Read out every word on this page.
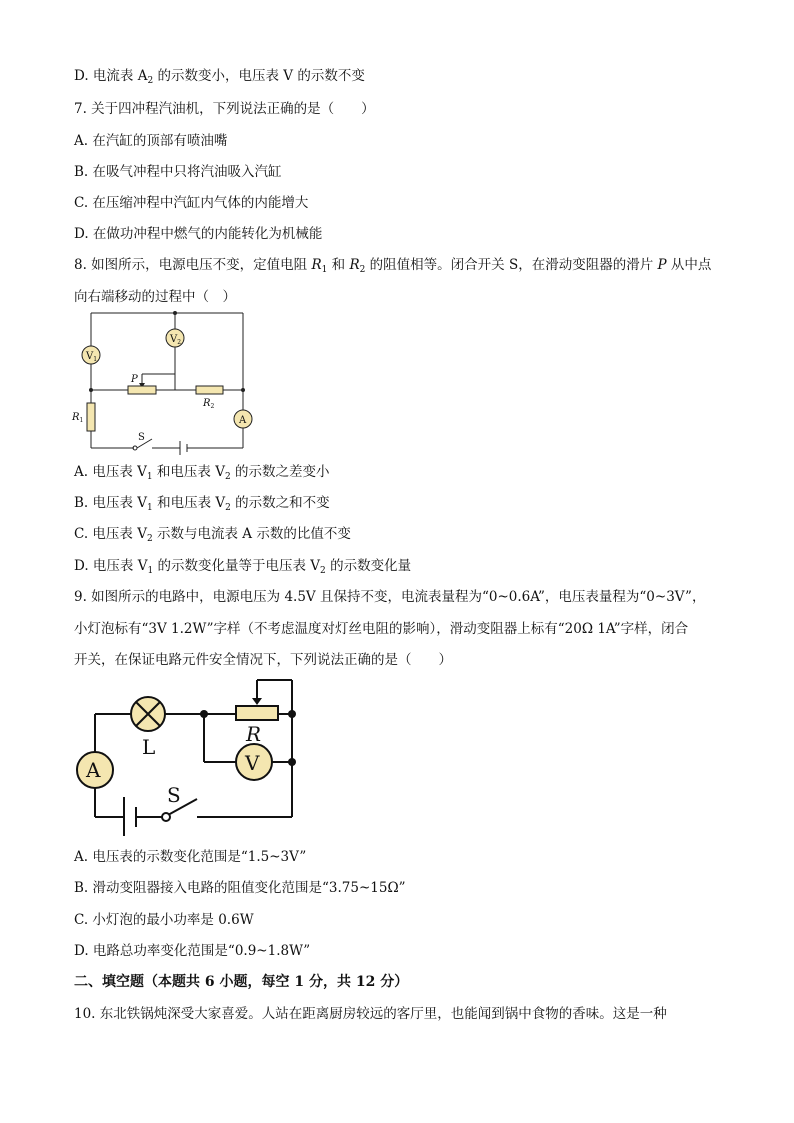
D. 电流表 $A_2$ 的示数变小，电压表 V 的示数不变
7. 关于四冲程汽油机，下列说法正确的是（　　）
A. 在汽缸的顶部有喷油嘴
B. 在吸气冲程中只将汽油吸入汽缸
C. 在压缩冲程中汽缸内气体的内能增大
D. 在做功冲程中燃气的内能转化为机械能
8. 如图所示，电源电压不变，定值电阻 $R_1$ 和 $R_2$ 的阻值相等。闭合开关 S，在滑动变阻器的滑片 P 从中点
向右端移动的过程中（　）
$V_1$
$V_2$
A
P
$R_2$
$R_1$
S
A. 电压表 $V_1$ 和电压表 $V_2$ 的示数之差变小
B. 电压表 $V_1$ 和电压表 $V_2$ 的示数之和不变
C. 电压表 $V_2$ 示数与电流表 A 示数的比值不变
D. 电压表 $V_1$ 的示数变化量等于电压表 $V_2$ 的示数变化量
9. 如图所示的电路中，电源电压为 4.5V 且保持不变，电流表量程为“0~0.6A”，电压表量程为“0~3V”，
小灯泡标有“3V 1.2W”字样（不考虑温度对灯丝电阻的影响），滑动变阻器上标有“20Ω 1A”字样，闭合
开关，在保证电路元件安全情况下，下列说法正确的是（　　）
L
R
V
A
S
A. 电压表的示数变化范围是“1.5~3V”
B. 滑动变阻器接入电路的阻值变化范围是“3.75~15Ω”
C. 小灯泡的最小功率是 0.6W
D. 电路总功率变化范围是“0.9~1.8W”
二、填空题（本题共 6 小题，每空 1 分，共 12 分）
10. 东北铁锅炖深受大家喜爱。人站在距离厨房较远的客厅里，也能闻到锅中食物的香味。这是一种
